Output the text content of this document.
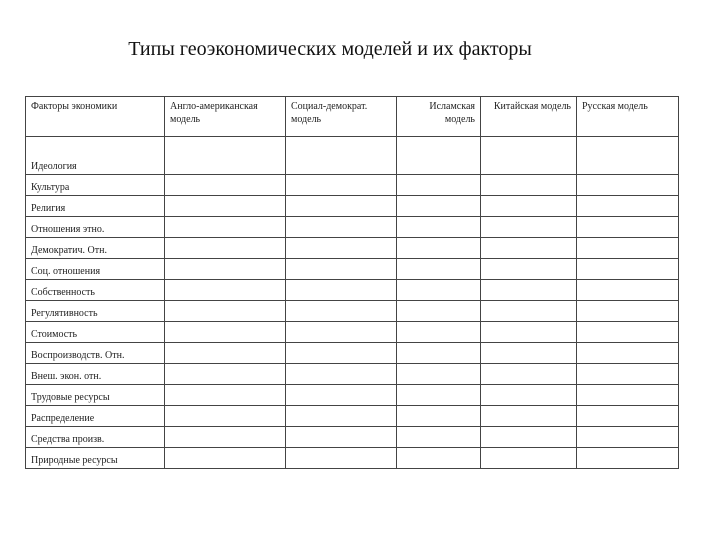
Типы геоэкономических моделей и их факторы
Факторы экономики	Англо-американская модель	Социал-демократ. модель	Исламская модель	Китайская модель	Русская модель
Идеология					
Культура					
Религия					
Отношения этно.					
Демократич. Отн.					
Соц. отношения					
Собственность					
Регулятивность					
Стоимость					
Воспроизводств. Отн.					
Внеш. экон. отн.					
Трудовые ресурсы					
Распределение					
Средства произв.					
Природные ресурсы					
